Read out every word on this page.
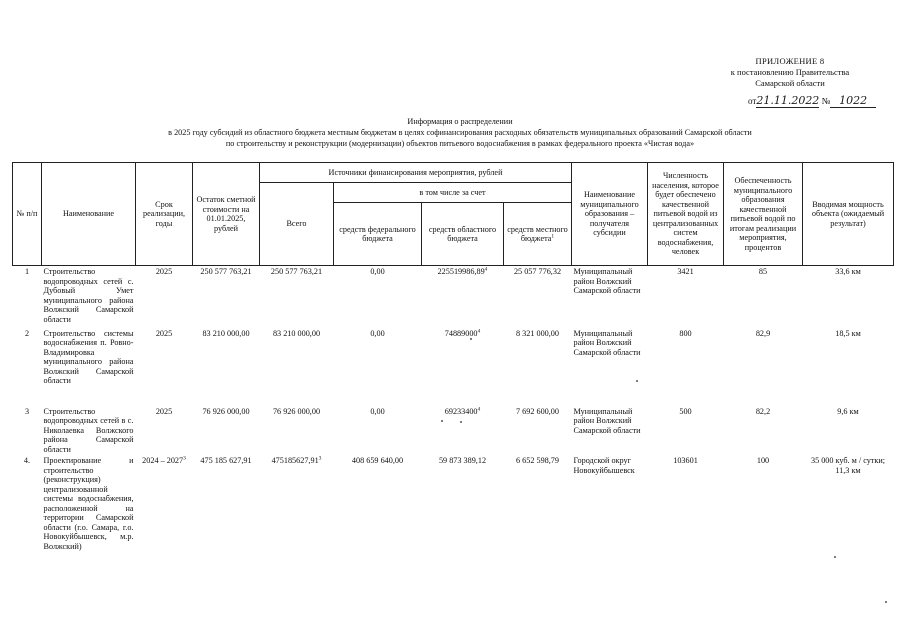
ПРИЛОЖЕНИЕ 8
к постановлению Правительства
Самарской области
от21.11.2022 № 1022
Информация о распределении
в 2025 году субсидий из областного бюджета местным бюджетам в целях софинансирования расходных обязательств муниципальных образований Самарской области
по строительству и реконструкции (модернизации) объектов питьевого водоснабжения в рамках федерального проекта «Чистая вода»
№ п/п	Наименование	Срок реализации, годы	Остаток сметной стоимости на 01.01.2025, рублей	Источники финансирования мероприятия, рублей				Наименование муниципального образования – получателя субсидии	Численность населения, которое будет обеспечено качественной питьевой водой из централизованных систем водоснабжения, человек	Обеспеченность муниципального образования качественной питьевой водой по итогам реализации мероприятия, процентов	Вводимая мощность объекта (ожидаемый результат)
				Всего	в том числе за счет						
					средств федерального бюджета	средств областного бюджета	средств местного бюджета$^1$
1	Строительство водопроводных сетей с. Дубовый Умет муниципального района Волжский Самарской области	2025	250 577 763,21	250 577 763,21	0,00	225519986,89$^4$	25 057 776,32	Муниципальный район Волжский Самарской области	3421	85	33,6 км
2	Строительство системы водоснабжения п. Ровно-Владимировка муниципального района Волжский Самарской области	2025	83 210 000,00	83 210 000,00	0,00	74889000$^4$	8 321 000,00	Муниципальный район Волжский Самарской области	800	82,9	18,5 км
3	Строительство водопроводных сетей в с. Николаевка Волжского района Самарской области	2025	76 926 000,00	76 926 000,00	0,00	69233400$^4$	7 692 600,00	Муниципальный район Волжский Самарской области	500	82,2	9,6 км
4.	Проектирование и строительство (реконструкция) централизованной системы водоснабжения, расположенной на территории Самарской области (г.о. Самара, г.о. Новокуйбышевск, м.р. Волжский)	2024 – 2027$^3$	475 185 627,91	475185627,91$^3$	408 659 640,00	59 873 389,12	6 652 598,79	Городской округ Новокуйбышевск	103601	100	35 000 куб. м / сутки; 11,3 км
